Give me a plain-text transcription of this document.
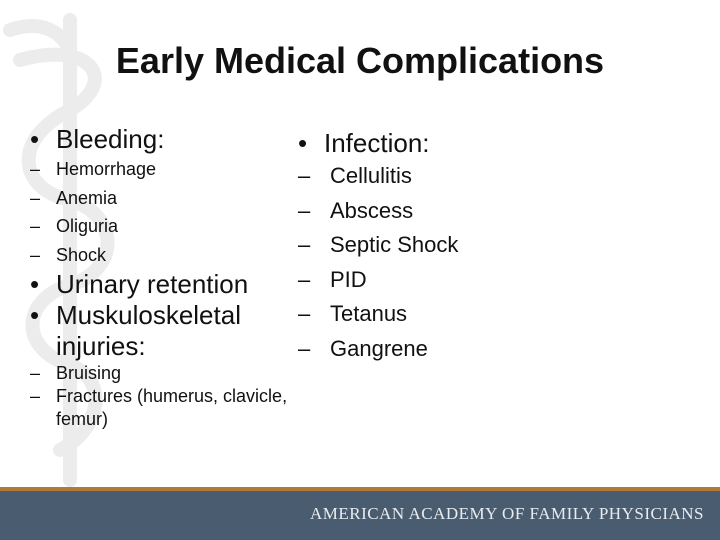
Early Medical Complications
• Bleeding:
– Hemorrhage
– Anemia
– Oliguria
– Shock
• Urinary retention
• Muskuloskeletal injuries:
– Bruising
– Fractures (humerus, clavicle, femur)
• Infection:
– Cellulitis
– Abscess
– Septic Shock
– PID
– Tetanus
– Gangrene
AMERICAN ACADEMY OF FAMILY PHYSICIANS
